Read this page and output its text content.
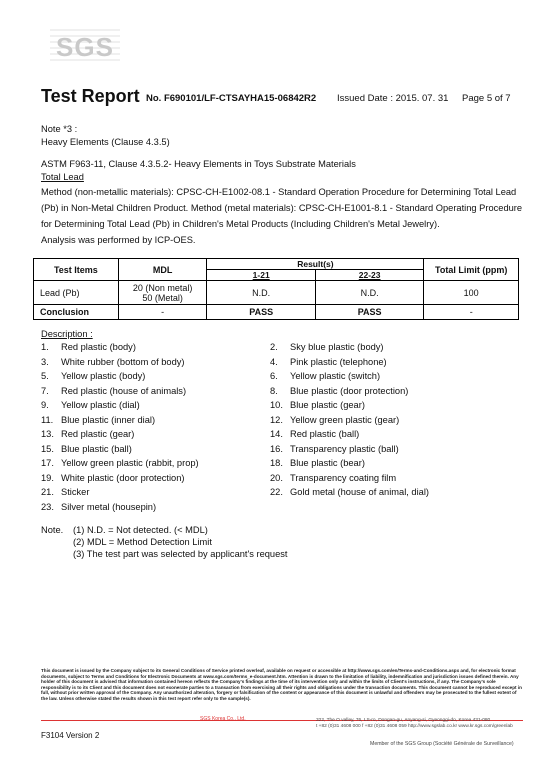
SGS
Test Report No. F690101/LF-CTSAYHA15-06842R2 Issued Date : 2015. 07. 31 Page 5 of 7
Note *3 :
Heavy Elements (Clause 4.3.5)
ASTM F963-11, Clause 4.3.5.2- Heavy Elements in Toys Substrate Materials
Total Lead
Method (non-metallic materials): CPSC-CH-E1002-08.1 - Standard Operation Procedure for Determining Total Lead
(Pb) in Non-Metal Children Product. Method (metal materials): CPSC-CH-E1001-8.1 - Standard Operating Procedure
for Determining Total Lead (Pb) in Children's Metal Products (Including Children's Metal Jewelry).
Analysis was performed by ICP-OES.
Test Items	MDL	Result(s)		Total Limit (ppm)
		1-21	22-23	
Lead (Pb)	20 (Non metal)
50 (Metal)	N.D.	N.D.	100
Conclusion	-	PASS	PASS	-
Description :
1. Red plastic (body)	2. Sky blue plastic (body)
3. White rubber (bottom of body)	4. Pink plastic (telephone)
5. Yellow plastic (body)	6. Yellow plastic (switch)
7. Red plastic (house of animals)	8. Blue plastic (door protection)
9. Yellow plastic (dial)	10. Blue plastic (gear)
11. Blue plastic (inner dial)	12. Yellow green plastic (gear)
13. Red plastic (gear)	14. Red plastic (ball)
15. Blue plastic (ball)	16. Transparency plastic (ball)
17. Yellow green plastic (rabbit, prop)	18. Blue plastic (bear)
19. White plastic (door protection)	20. Transparency coating film
21. Sticker	22. Gold metal (house of animal, dial)
23. Silver metal (housepin)
Note. (1) N.D. = Not detected. (< MDL)
(2) MDL = Method Detection Limit
(3) The test part was selected by applicant's request
This document is issued by the Company subject to its General Conditions of Service printed overleaf, available on request or accessible at http://www.sgs.com/en/Terms-and-Conditions.aspx and, for electronic format documents, subject to Terms and Conditions for Electronic Documents at www.sgs.com/terms_e-document.htm. Attention is drawn to the limitation of liability, indemnification and jurisdiction issues defined therein. Any holder of this document is advised that information contained hereon reflects the Company's findings at the time of its intervention only and within the limits of Client's instructions, if any. The Company's sole responsibility is to its Client and this document does not exonerate parties to a transaction from exercising all their rights and obligations under the transaction documents. This document cannot be reproduced except in full, without prior written approval of the Company. Any unauthorized alteration, forgery or falsification of the content or appearance of this document is unlawful and offenders may be prosecuted to the fullest extent of the law. Unless otherwise stated the results shown in this test report refer only to the sample(s).
SGS Korea Co., Ltd.	322, The O valley, 76, LS-ro, Dongan-gu, Anyang-si, Gyeonggi-do, Korea 431-080
t +82 (0)31 4608 000 f +82 (0)31 4608 059 http://www.sgslab.co.kr www.kr.sgs.com/greenlab
F3104 Version 2
Member of the SGS Group (Société Générale de Surveillance)
